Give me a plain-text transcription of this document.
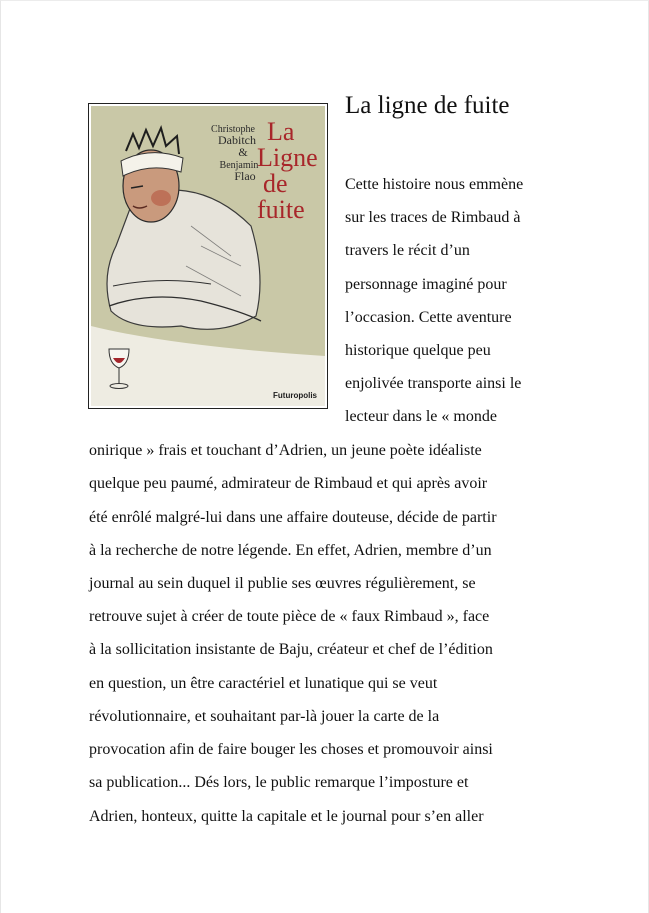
La ligne de fuite
Christophe
Dabitch
&
Benjamin
Flao
La
Ligne
de
fuite
Futuropolis
Cette histoire nous emmène
sur les traces de Rimbaud à
travers le récit d’un
personnage imaginé pour
l’occasion. Cette aventure
historique quelque peu
enjolivée transporte ainsi le
lecteur dans le « monde
onirique » frais et touchant d’Adrien, un jeune poète idéaliste
quelque peu paumé, admirateur de Rimbaud et qui après avoir
été enrôlé malgré-lui dans une affaire douteuse, décide de partir
à la recherche de notre légende. En effet, Adrien, membre d’un
journal au sein duquel il publie ses œuvres régulièrement, se
retrouve sujet à créer de toute pièce de « faux Rimbaud », face
à la sollicitation insistante de Baju, créateur et chef de l’édition
en question, un être caractériel et lunatique qui se veut
révolutionnaire, et souhaitant par-là jouer la carte de la
provocation afin de faire bouger les choses et promouvoir ainsi
sa publication... Dés lors, le public remarque l’imposture et
Adrien, honteux, quitte la capitale et le journal pour s’en aller
